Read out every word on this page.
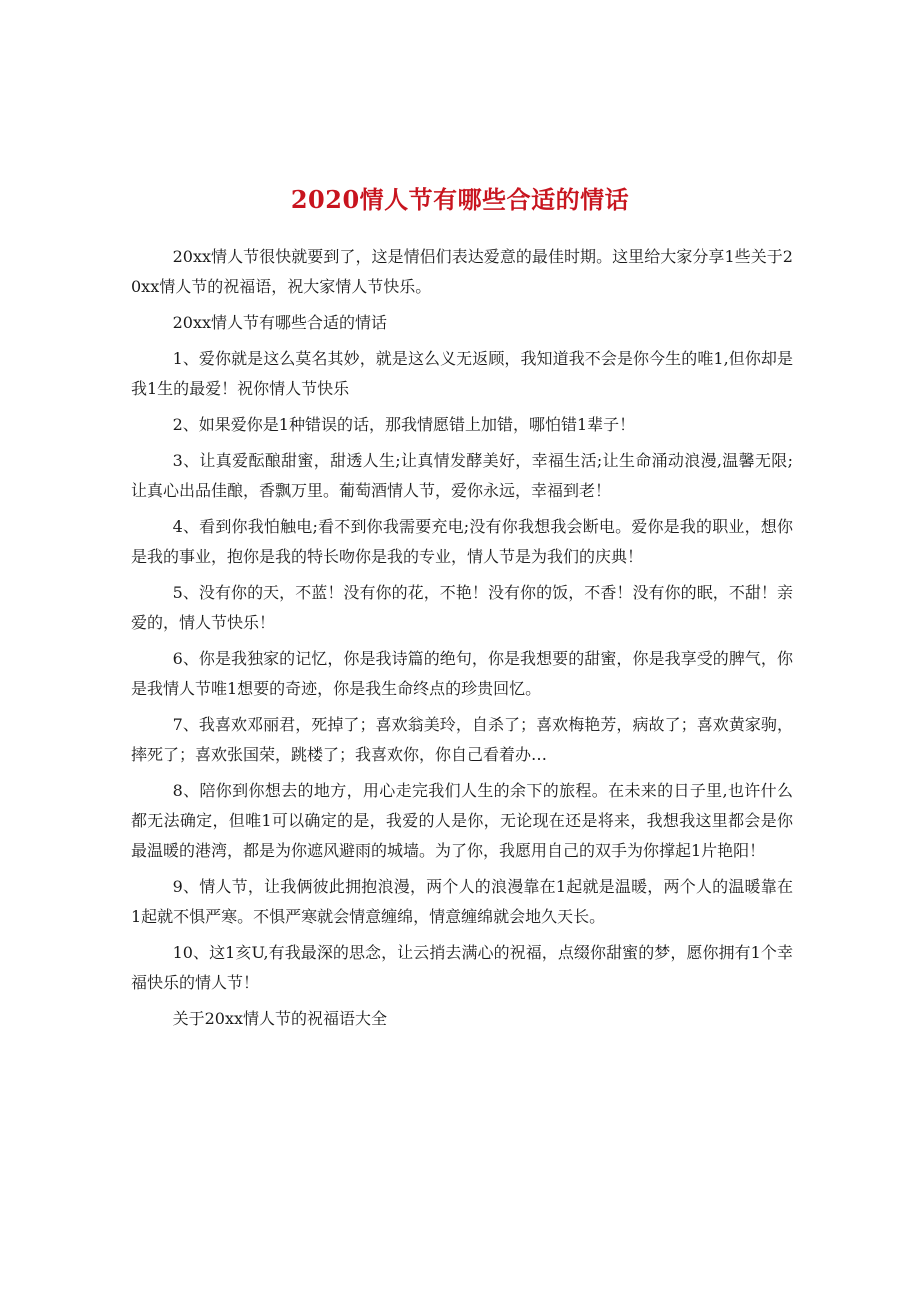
2020情人节有哪些合适的情话

20xx情人节很快就要到了，这是情侣们表达爱意的最佳时期。这里给大家分享1些关于20xx情人节的祝福语，祝大家情人节快乐。

20xx情人节有哪些合适的情话

1、爱你就是这么莫名其妙，就是这么义无返顾，我知道我不会是你今生的唯1,但你却是我1生的最爱！祝你情人节快乐

2、如果爱你是1种错误的话，那我情愿错上加错，哪怕错1辈子！

3、让真爱酝酿甜蜜，甜透人生;让真情发酵美好，幸福生活;让生命涌动浪漫,温馨无限;让真心出品佳酿，香飘万里。葡萄酒情人节，爱你永远，幸福到老！

4、看到你我怕触电;看不到你我需要充电;没有你我想我会断电。爱你是我的职业，想你是我的事业，抱你是我的特长吻你是我的专业，情人节是为我们的庆典！

5、没有你的天，不蓝！没有你的花，不艳！没有你的饭，不香！没有你的眠，不甜！亲爱的，情人节快乐！

6、你是我独家的记忆，你是我诗篇的绝句，你是我想要的甜蜜，你是我享受的脾气，你是我情人节唯1想要的奇迹，你是我生命终点的珍贵回忆。

7、我喜欢邓丽君，死掉了；喜欢翁美玲，自杀了；喜欢梅艳芳，病故了；喜欢黄家驹，摔死了；喜欢张国荣，跳楼了；我喜欢你，你自己看着办…

8、陪你到你想去的地方，用心走完我们人生的余下的旅程。在未来的日子里,也许什么都无法确定，但唯1可以确定的是，我爱的人是你，无论现在还是将来，我想我这里都会是你最温暖的港湾，都是为你遮风避雨的城墙。为了你，我愿用自己的双手为你撑起1片艳阳！

9、情人节，让我俩彼此拥抱浪漫，两个人的浪漫靠在1起就是温暖，两个人的温暖靠在1起就不惧严寒。不惧严寒就会情意缠绵，情意缠绵就会地久天长。

10、这1亥U,有我最深的思念，让云捎去满心的祝福，点缀你甜蜜的梦，愿你拥有1个幸福快乐的情人节！

关于20xx情人节的祝福语大全
